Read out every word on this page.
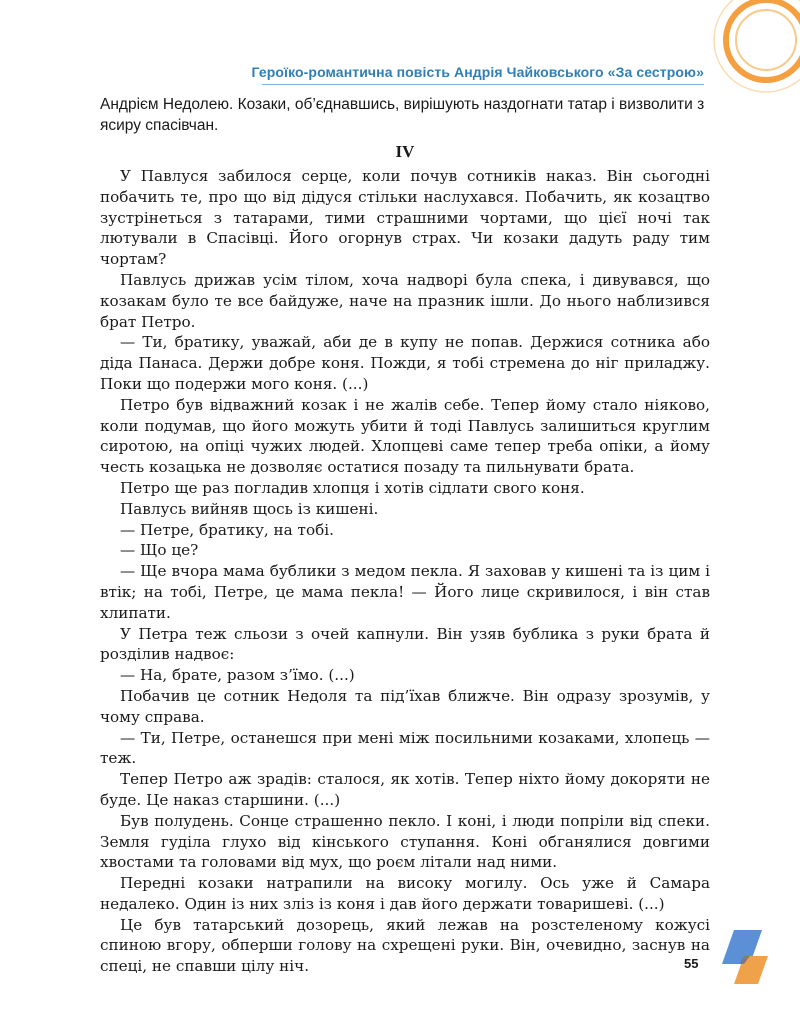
Героїко-романтична повість Андрія Чайковського «За сестрою»
Андрієм Недолею. Козаки, об’єднавшись, вирішують наздогнати татар і визволити з ясиру спасівчан.
IV

У Павлуся забилося серце, коли почув сотників наказ. Він сьогодні побачить те, про що від дідуся стільки наслухався. Побачить, як козацтво зустрінеться з татарами, тими страшними чортами, що цієї ночі так лютували в Спасівці. Його огорнув страх. Чи козаки дадуть раду тим чортам?

Павлусь дрижав усім тілом, хоча надворі була спека, і дивувався, що козакам було те все байдуже, наче на празник ішли. До нього наблизився брат Петро.

— Ти, братику, уважай, аби де в купу не попав. Держися сотника або діда Панаса. Держи добре коня. Пожди, я тобі стремена до ніг приладжу. Поки що подержи мого коня. (...)

Петро був відважний козак і не жалів себе. Тепер йому стало ніяково, коли подумав, що його можуть убити й тоді Павлусь залишиться круглим сиротою, на опіці чужих людей. Хлопцеві саме тепер треба опіки, а йому честь козацька не дозволяє остатися позаду та пильнувати брата.

Петро ще раз погладив хлопця і хотів сідлати свого коня.

Павлусь вийняв щось із кишені.

— Петре, братику, на тобі.

— Що це?

— Ще вчора мама бублики з медом пекла. Я заховав у кишені та із цим і втік; на тобі, Петре, це мама пекла! — Його лице скривилося, і він став хлипати.

У Петра теж сльози з очей капнули. Він узяв бублика з руки брата й розділив надвоє:

— На, брате, разом з’їмо. (...)

Побачив це сотник Недоля та під’їхав ближче. Він одразу зрозумів, у чому справа.

— Ти, Петре, останешся при мені між посильними козаками, хлопець — теж.

Тепер Петро аж зрадів: сталося, як хотів. Тепер ніхто йому докоряти не буде. Це наказ старшини. (...)

Був полудень. Сонце страшенно пекло. І коні, і люди попріли від спеки. Земля гуділа глухо від кінського ступання. Коні обганялися довгими хвостами та головами від мух, що роєм літали над ними.

Передні козаки натрапили на високу могилу. Ось уже й Самара недалеко. Один із них зліз із коня і дав його держати товаришеві. (...)

Це був татарський дозорець, який лежав на розстеленому кожусі спиною вгору, обперши голову на схрещені руки. Він, очевидно, заснув на спеці, не спавши цілу ніч.	55
